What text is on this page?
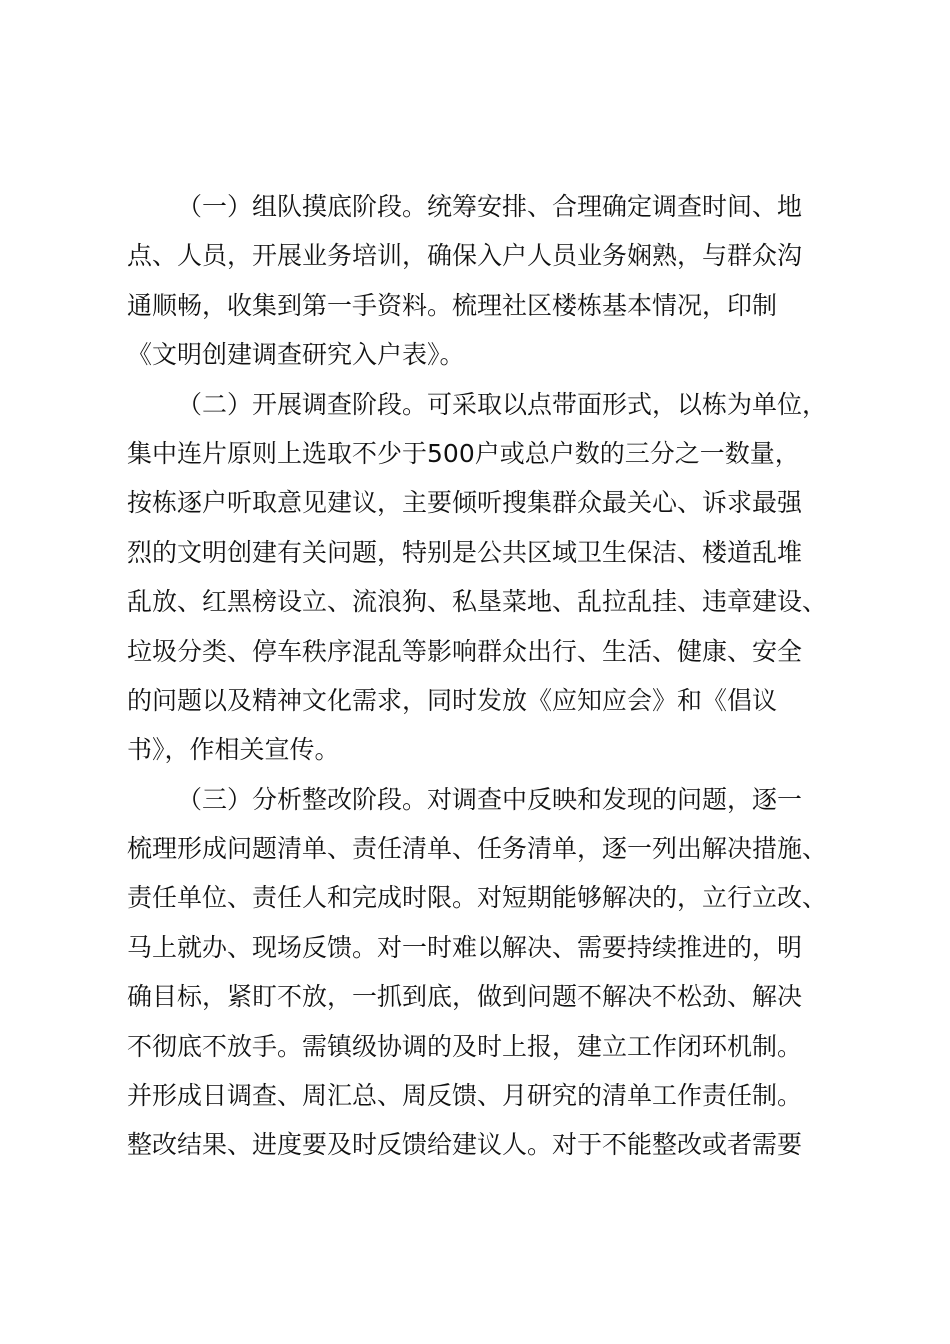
（一）组队摸底阶段。统筹安排、合理确定调查时间、地
点、人员，开展业务培训，确保入户人员业务娴熟，与群众沟
通顺畅，收集到第一手资料。梳理社区楼栋基本情况，印制
《文明创建调查研究入户表》。
（二）开展调查阶段。可采取以点带面形式，以栋为单位，
集中连片原则上选取不少于500户或总户数的三分之一数量，
按栋逐户听取意见建议，主要倾听搜集群众最关心、诉求最强
烈的文明创建有关问题，特别是公共区域卫生保洁、楼道乱堆
乱放、红黑榜设立、流浪狗、私垦菜地、乱拉乱挂、违章建设、
垃圾分类、停车秩序混乱等影响群众出行、生活、健康、安全
的问题以及精神文化需求，同时发放《应知应会》和《倡议
书》，作相关宣传。
（三）分析整改阶段。对调查中反映和发现的问题，逐一
梳理形成问题清单、责任清单、任务清单，逐一列出解决措施、
责任单位、责任人和完成时限。对短期能够解决的，立行立改、
马上就办、现场反馈。对一时难以解决、需要持续推进的，明
确目标，紧盯不放，一抓到底，做到问题不解决不松劲、解决
不彻底不放手。需镇级协调的及时上报，建立工作闭环机制。
并形成日调查、周汇总、周反馈、月研究的清单工作责任制。
整改结果、进度要及时反馈给建议人。对于不能整改或者需要
